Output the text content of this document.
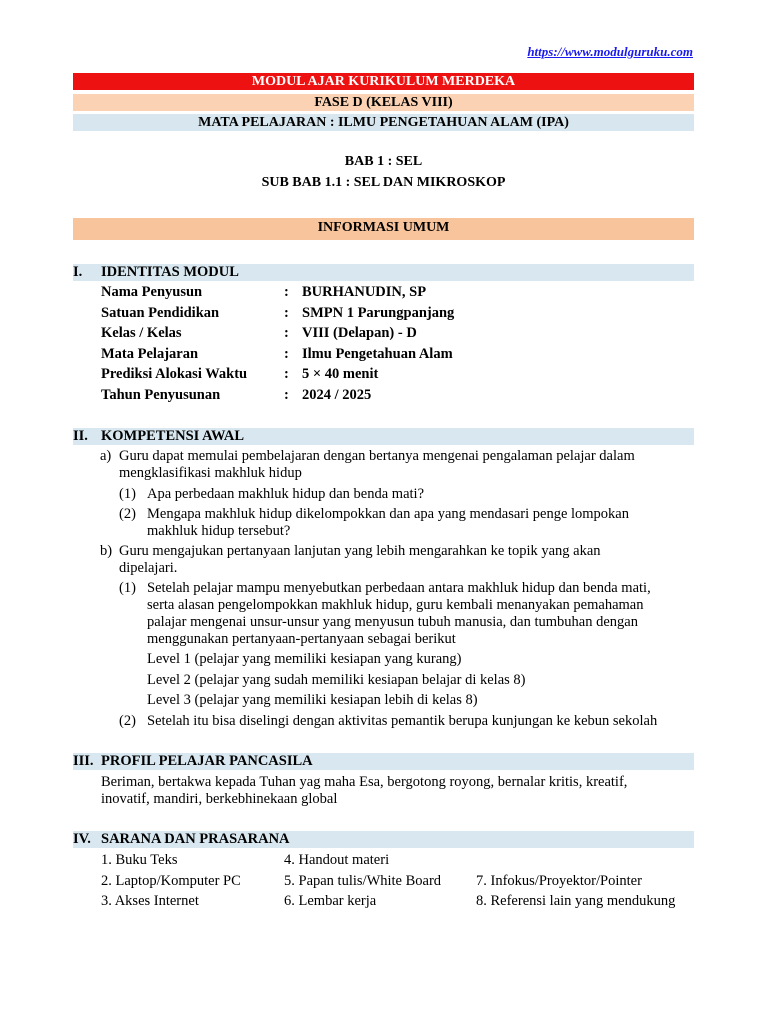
https://www.modulguruku.com
MODUL AJAR KURIKULUM MERDEKA
FASE D (KELAS VIII)
MATA PELAJARAN : ILMU PENGETAHUAN ALAM (IPA)
BAB 1 : SEL
SUB BAB 1.1 : SEL DAN MIKROSKOP
INFORMASI UMUM
I. IDENTITAS MODUL
Nama Penyusun	: BURHANUDIN, SP
Satuan Pendidikan	: SMPN 1 Parungpanjang
Kelas / Kelas	: VIII (Delapan) - D
Mata Pelajaran	: Ilmu Pengetahuan Alam
Prediksi Alokasi Waktu	: 5 × 40 menit
Tahun Penyusunan	: 2024 / 2025
II. KOMPETENSI AWAL
a) Guru dapat memulai pembelajaran dengan bertanya mengenai pengalaman pelajar dalam
mengklasifikasi makhluk hidup
(1) Apa perbedaan makhluk hidup dan benda mati?
(2) Mengapa makhluk hidup dikelompokkan dan apa yang mendasari penge lompokan
makhluk hidup tersebut?
b) Guru mengajukan pertanyaan lanjutan yang lebih mengarahkan ke topik yang akan
dipelajari.
(1) Setelah pelajar mampu menyebutkan perbedaan antara makhluk hidup dan benda mati,
serta alasan pengelompokkan makhluk hidup, guru kembali menanyakan pemahaman
palajar mengenai unsur-unsur yang menyusun tubuh manusia, dan tumbuhan dengan
menggunakan pertanyaan-pertanyaan sebagai berikut
Level 1 (pelajar yang memiliki kesiapan yang kurang)
Level 2 (pelajar yang sudah memiliki kesiapan belajar di kelas 8)
Level 3 (pelajar yang memiliki kesiapan lebih di kelas 8)
(2) Setelah itu bisa diselingi dengan aktivitas pemantik berupa kunjungan ke kebun sekolah
III. PROFIL PELAJAR PANCASILA
Beriman, bertakwa kepada Tuhan yag maha Esa, bergotong royong, bernalar kritis, kreatif,
inovatif, mandiri, berkebhinekaan global
IV. SARANA DAN PRASARANA
1. Buku Teks
2. Laptop/Komputer PC
3. Akses Internet
4. Handout materi
5. Papan tulis/White Board
6. Lembar kerja
7. Infokus/Proyektor/Pointer
8. Referensi lain yang mendukung
